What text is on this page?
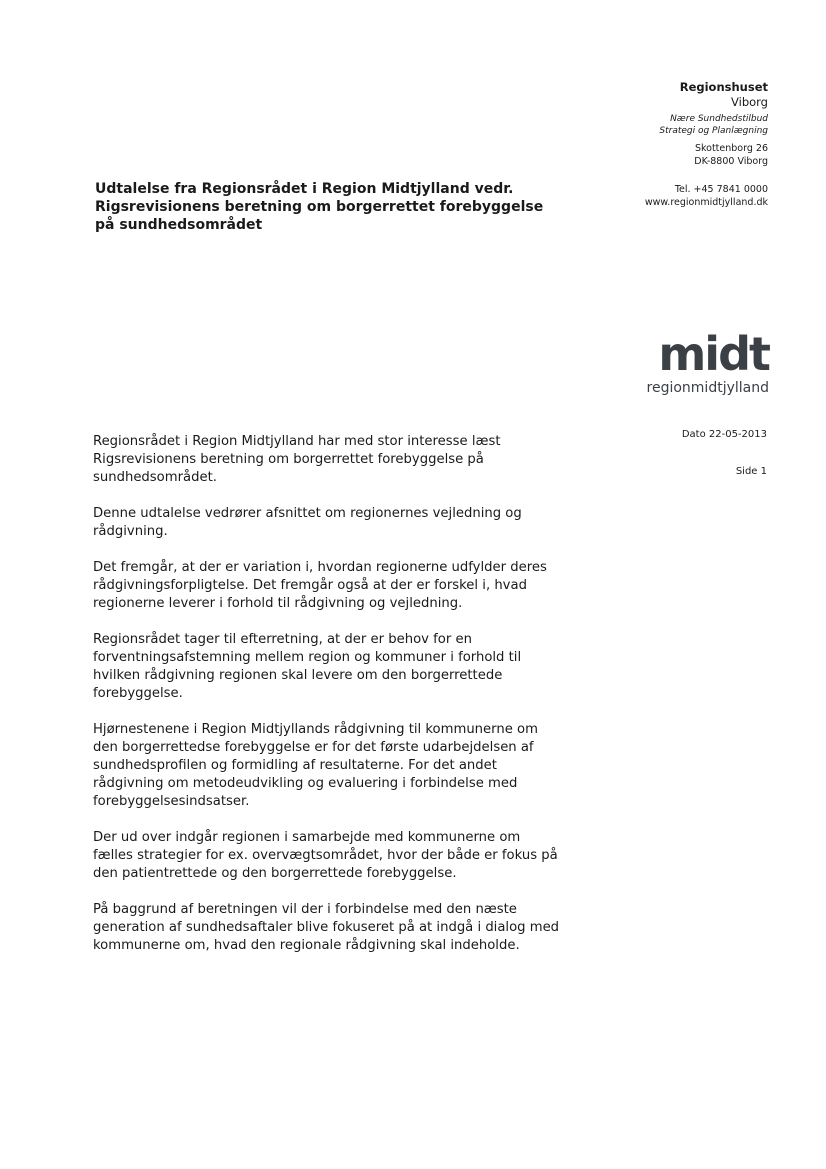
Regionshuset
Viborg
Nære Sundhedstilbud
Strategi og Planlægning
Skottenborg 26
DK-8800 Viborg
Tel. +45 7841 0000
www.regionmidtjylland.dk
Udtalelse fra Regionsrådet i Region Midtjylland vedr. Rigsrevisionens beretning om borgerrettet forebyggelse på sundhedsområdet
midt
regionmidtjylland
Dato 22-05-2013
Side 1

Regionsrådet i Region Midtjylland har med stor interesse læst Rigsrevisionens beretning om borgerrettet forebyggelse på sundhedsområdet.

Denne udtalelse vedrører afsnittet om regionernes vejledning og rådgivning.

Det fremgår, at der er variation i, hvordan regionerne udfylder deres rådgivningsforpligtelse. Det fremgår også at der er forskel i, hvad regionerne leverer i forhold til rådgivning og vejledning.

Regionsrådet tager til efterretning, at der er behov for en forventningsafstemning mellem region og kommuner i forhold til hvilken rådgivning regionen skal levere om den borgerrettede forebyggelse.

Hjørnestenene i Region Midtjyllands rådgivning til kommunerne om den borgerrettedse forebyggelse er for det første udarbejdelsen af sundhedsprofilen og formidling af resultaterne. For det andet rådgivning om metodeudvikling og evaluering i forbindelse med forebyggelsesindsatser.

Der ud over indgår regionen i samarbejde med kommunerne om fælles strategier for ex. overvægtsområdet, hvor der både er fokus på den patientrettede og den borgerrettede forebyggelse.

På baggrund af beretningen vil der i forbindelse med den næste generation af sundhedsaftaler blive fokuseret på at indgå i dialog med kommunerne om, hvad den regionale rådgivning skal indeholde.
